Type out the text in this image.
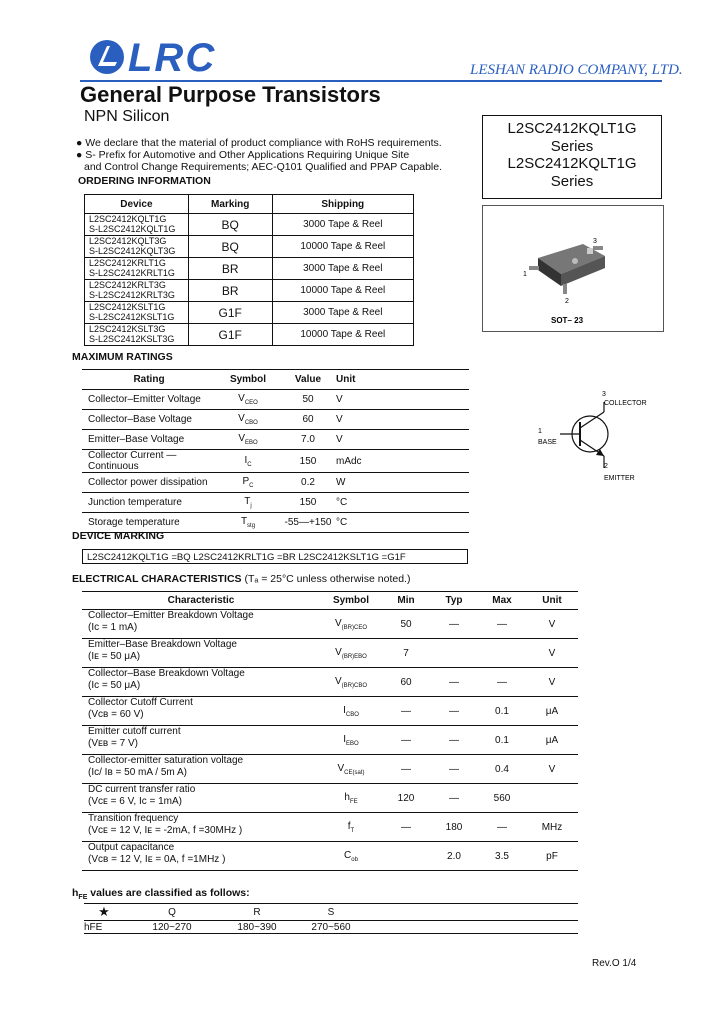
LRC	LESHAN RADIO COMPANY, LTD.
General Purpose Transistors
NPN Silicon
● We declare that the material of product compliance with RoHS requirements.
● S- Prefix for Automotive and Other Applications Requiring Unique Site
and Control Change Requirements; AEC-Q101 Qualified and PPAP Capable.
L2SC2412KQLT1G
Series
L2SC2412KQLT1G
Series
1
2
3
SOT– 23
ORDERING INFORMATION
Device	Marking	Shipping

L2SC2412KQLT1G
S-L2SC2412KQLT1G	BQ	3000 Tape & Reel

L2SC2412KQLT3G
S-L2SC2412KQLT3G	BQ	10000 Tape & Reel

L2SC2412KRLT1G
S-L2SC2412KRLT1G	BR	3000 Tape & Reel

L2SC2412KRLT3G
S-L2SC2412KRLT3G	BR	10000 Tape & Reel

L2SC2412KSLT1G
S-L2SC2412KSLT1G	G1F	3000 Tape & Reel

L2SC2412KSLT3G
S-L2SC2412KSLT3G	G1F	10000 Tape & Reel
MAXIMUM RATINGS
Rating	Symbol	Value	Unit
Collector–Emitter Voltage	$V_{CEO}$	50	V
Collector–Base Voltage	$V_{CBO}$	60	V
Emitter–Base Voltage	$V_{EBO}$	7.0	V
Collector Current — Continuous	$I_C$	150	mAdc
Collector power dissipation	$P_C$	0.2	W
Junction temperature	$T_j$	150	°C
Storage temperature	$T_{stg}$	-55—+150	°C
3
COLLECTOR
1
BASE
2
EMITTER
DEVICE MARKING
L2SC2412KQLT1G =BQ L2SC2412KRLT1G =BR L2SC2412KSLT1G =G1F
ELECTRICAL CHARACTERISTICS (Tₐ = 25°C unless otherwise noted.)
Characteristic	Symbol	Min	Typ	Max	Unit

Collector–Emitter Breakdown Voltage
(Iᴄ = 1 mA)	$V_{(BR)CEO}$	50	—	—	V

Emitter–Base Breakdown Voltage
(Iᴇ = 50 μA)	$V_{(BR)EBO}$	7			V

Collector–Base Breakdown Voltage
(Iᴄ = 50 μA)	$V_{(BR)CBO}$	60	—	—	V

Collector Cutoff Current
(Vᴄʙ = 60 V)	$I_{CBO}$	—	—	0.1	μA

Emitter cutoff current
(Vᴇʙ = 7 V)	$I_{EBO}$	—	—	0.1	μA

Collector-emitter saturation voltage
(Iᴄ/ Iʙ = 50 mA / 5m A)	$V_{CE(sat)}$	—	—	0.4	V

DC current transfer ratio
(Vᴄᴇ = 6 V, Iᴄ = 1mA)	$h_{FE}$	120	—	560	

Transition frequency
(Vᴄᴇ = 12 V, Iᴇ = -2mA, f =30MHz )	$f_T$	—	180	—	MHz

Output capacitance
(Vᴄʙ = 12 V, Iᴇ = 0A, f =1MHz )	$C_{ob}$		2.0	3.5	pF
$h_{FE}$ values are classified as follows:
★	Q	R	S	
hFE	120~270	180~390	270~560	
Rev.O 1/4
